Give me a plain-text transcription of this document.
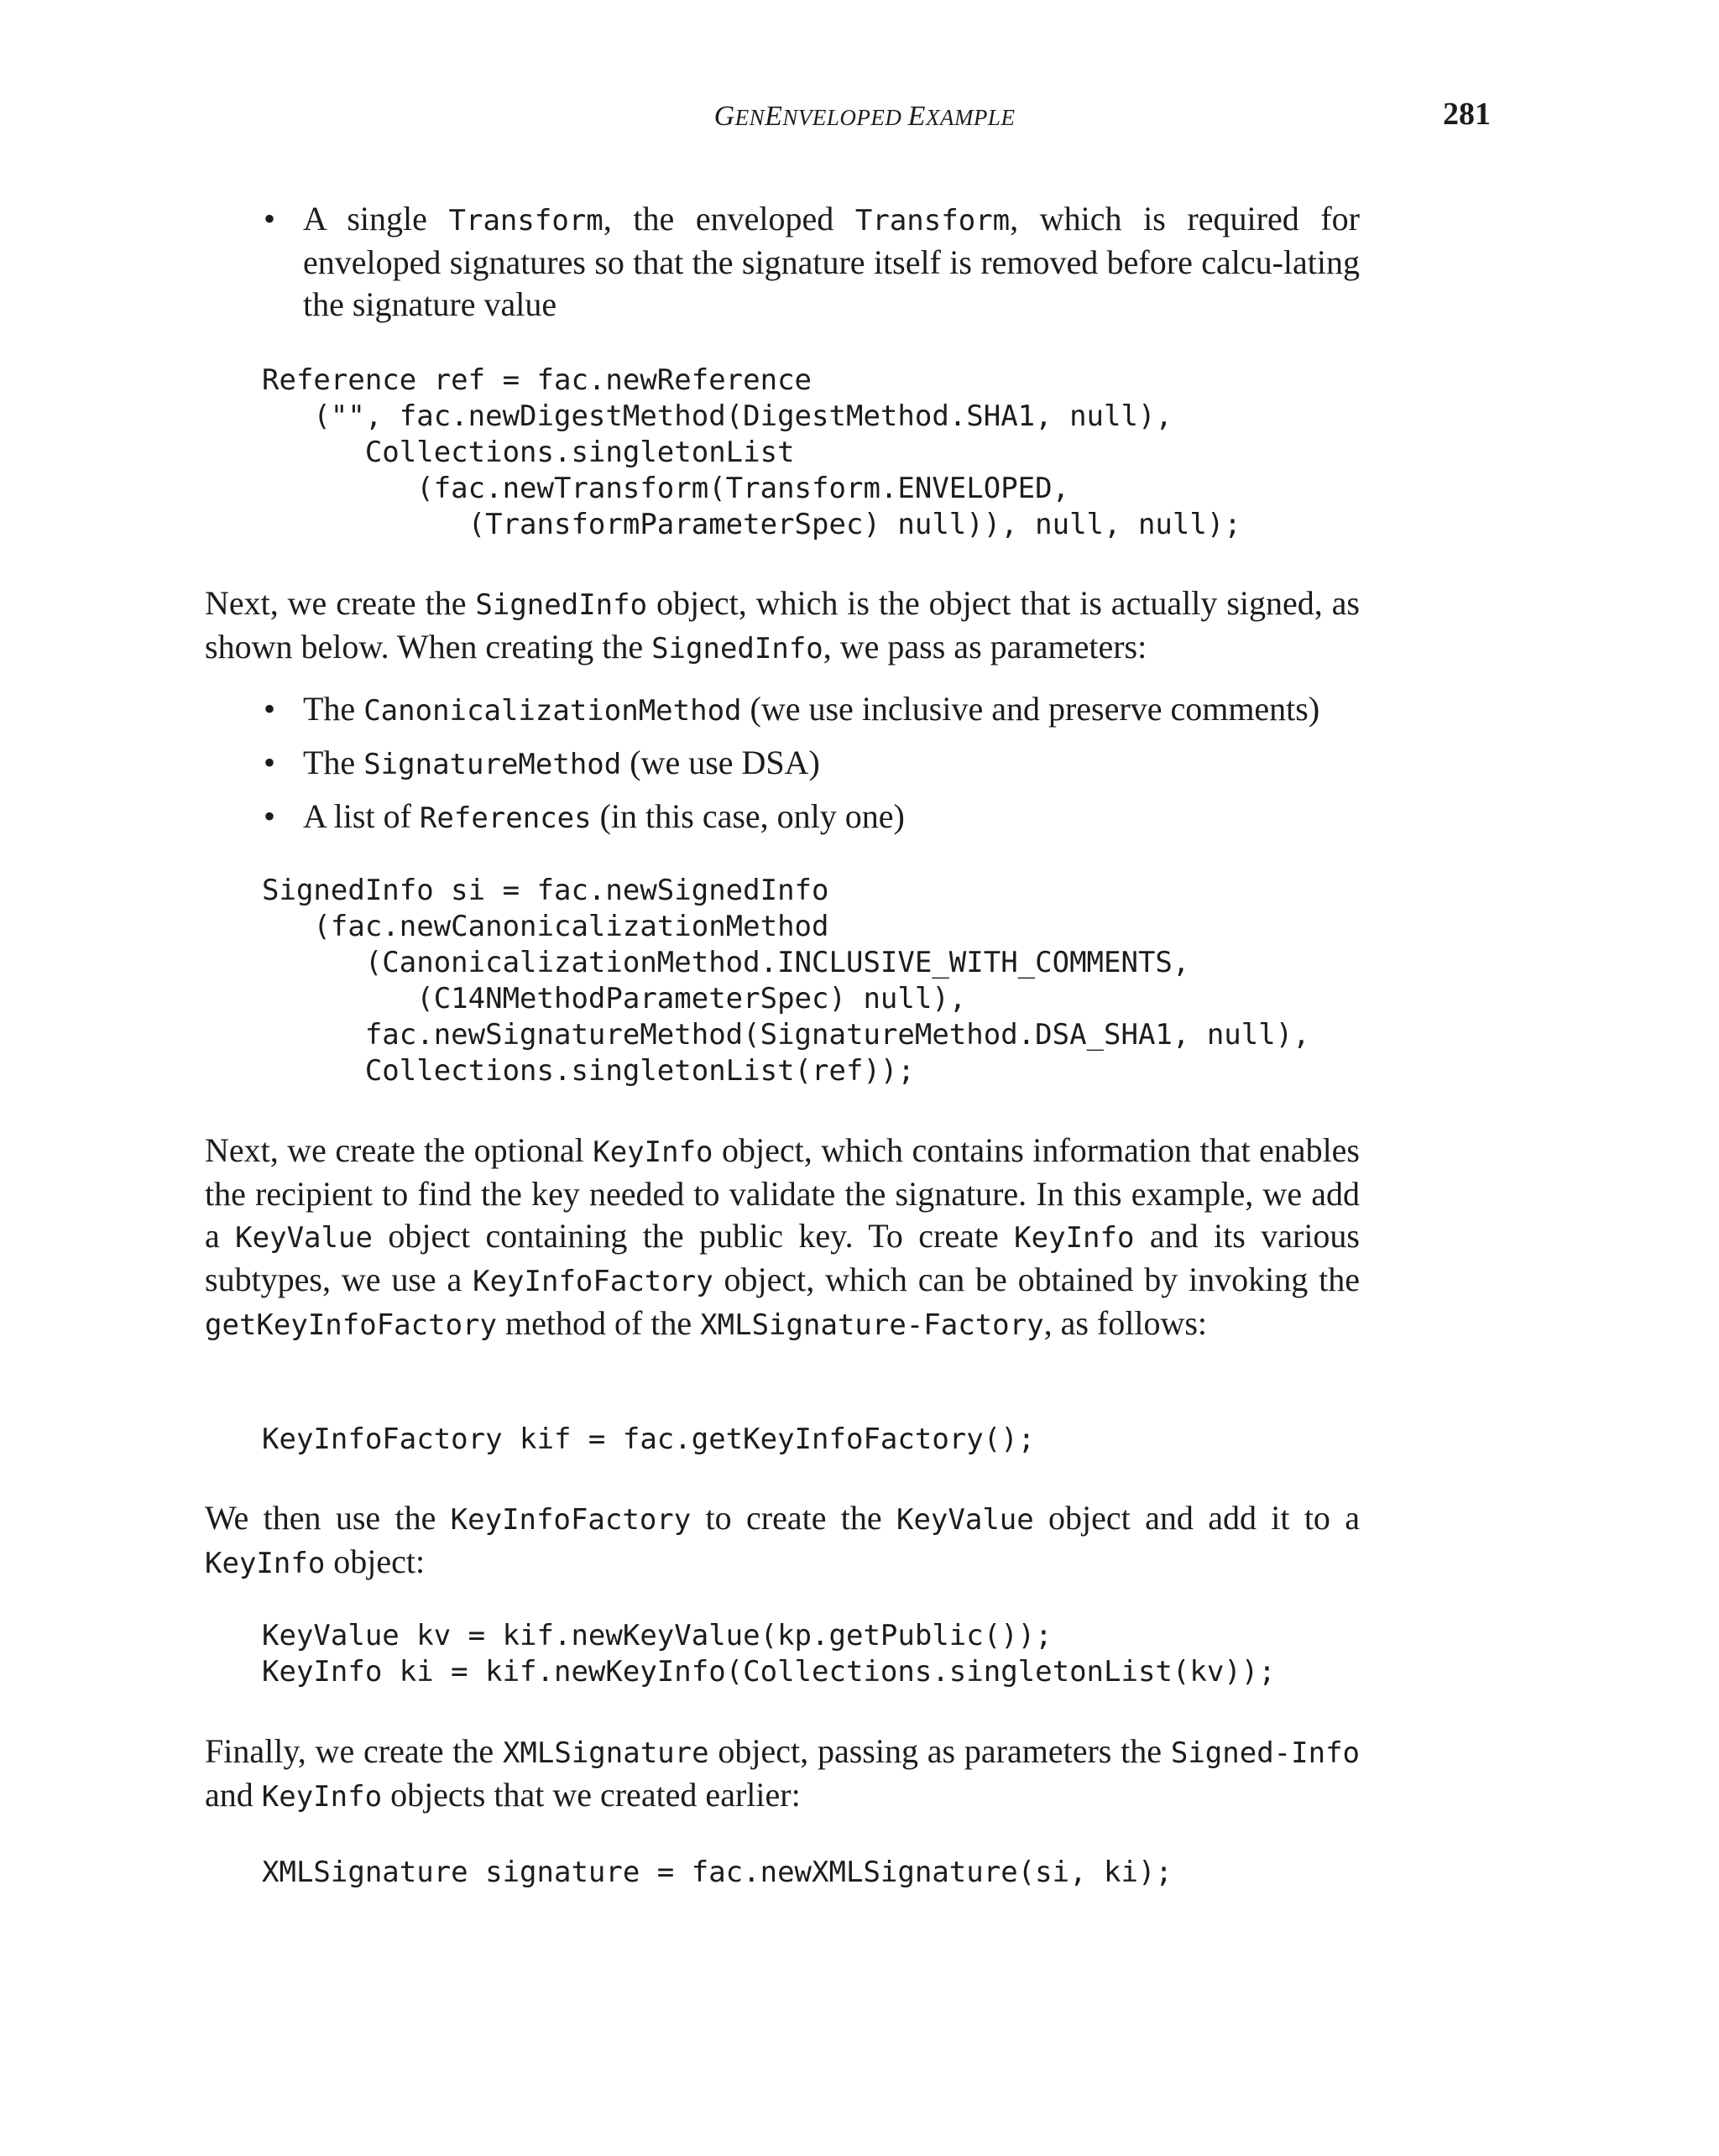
GENENVELOPED EXAMPLE	281
• A single Transform, the enveloped Transform, which is required for enveloped signatures so that the signature itself is removed before calcu-lating the signature value
Reference ref = fac.newReference
("", fac.newDigestMethod(DigestMethod.SHA1, null),
Collections.singletonList
(fac.newTransform(Transform.ENVELOPED,
(TransformParameterSpec) null)), null, null);

Next, we create the SignedInfo object, which is the object that is actually signed, as shown below. When creating the SignedInfo, we pass as parameters:

• The CanonicalizationMethod (we use inclusive and preserve comments)
• The SignatureMethod (we use DSA)
• A list of References (in this case, only one)
SignedInfo si = fac.newSignedInfo
(fac.newCanonicalizationMethod
(CanonicalizationMethod.INCLUSIVE_WITH_COMMENTS,
(C14NMethodParameterSpec) null),
fac.newSignatureMethod(SignatureMethod.DSA_SHA1, null),
Collections.singletonList(ref));

Next, we create the optional KeyInfo object, which contains information that enables the recipient to find the key needed to validate the signature. In this example, we add a KeyValue object containing the public key. To create KeyInfo and its various subtypes, we use a KeyInfoFactory object, which can be obtained by invoking the getKeyInfoFactory method of the XMLSignature-Factory, as follows:

KeyInfoFactory kif = fac.getKeyInfoFactory();

We then use the KeyInfoFactory to create the KeyValue object and add it to a KeyInfo object:

KeyValue kv = kif.newKeyValue(kp.getPublic());
KeyInfo ki = kif.newKeyInfo(Collections.singletonList(kv));

Finally, we create the XMLSignature object, passing as parameters the Signed-Info and KeyInfo objects that we created earlier:

XMLSignature signature = fac.newXMLSignature(si, ki);
